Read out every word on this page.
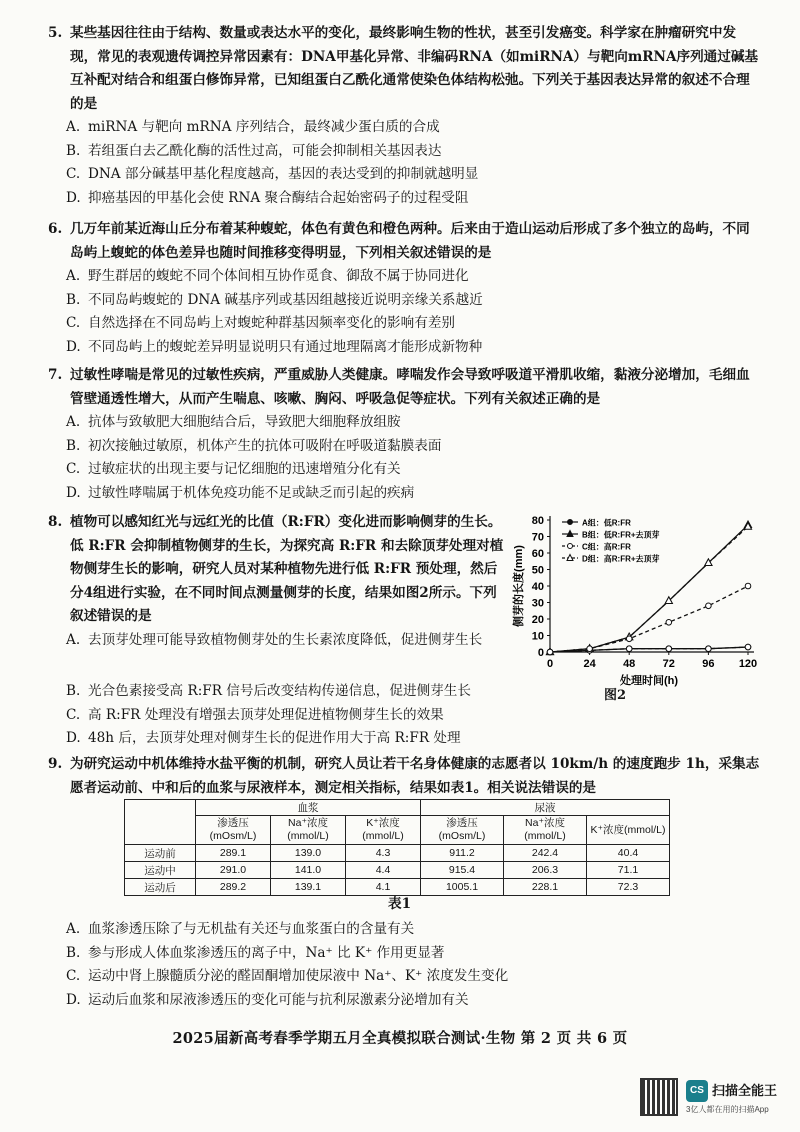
5. 某些基因往往由于结构、数量或表达水平的变化，最终影响生物的性状，甚至引发癌变。科学家在肿瘤研究中发现，常见的表观遗传调控异常因素有：DNA甲基化异常、非编码RNA（如miRNA）与靶向mRNA序列通过碱基互补配对结合和组蛋白修饰异常，已知组蛋白乙酰化通常使染色体结构松弛。下列关于基因表达异常的叙述不合理的是
A. miRNA 与靶向 mRNA 序列结合，最终减少蛋白质的合成
B. 若组蛋白去乙酰化酶的活性过高，可能会抑制相关基因表达
C. DNA 部分碱基甲基化程度越高，基因的表达受到的抑制就越明显
D. 抑癌基因的甲基化会使 RNA 聚合酶结合起始密码子的过程受阻
6. 几万年前某近海山丘分布着某种蝮蛇，体色有黄色和橙色两种。后来由于造山运动后形成了多个独立的岛屿，不同岛屿上蝮蛇的体色差异也随时间推移变得明显，下列相关叙述错误的是
A. 野生群居的蝮蛇不同个体间相互协作觅食、御敌不属于协同进化
B. 不同岛屿蝮蛇的 DNA 碱基序列或基因组越接近说明亲缘关系越近
C. 自然选择在不同岛屿上对蝮蛇种群基因频率变化的影响有差别
D. 不同岛屿上的蝮蛇差异明显说明只有通过地理隔离才能形成新物种
7. 过敏性哮喘是常见的过敏性疾病，严重威胁人类健康。哮喘发作会导致呼吸道平滑肌收缩，黏液分泌增加，毛细血管壁通透性增大，从而产生喘息、咳嗽、胸闷、呼吸急促等症状。下列有关叙述正确的是
A. 抗体与致敏肥大细胞结合后，导致肥大细胞释放组胺
B. 初次接触过敏原，机体产生的抗体可吸附在呼吸道黏膜表面
C. 过敏症状的出现主要与记忆细胞的迅速增殖分化有关
D. 过敏性哮喘属于机体免疫功能不足或缺乏而引起的疾病
8. 植物可以感知红光与远红光的比值（R:FR）变化进而影响侧芽的生长。低 R:FR 会抑制植物侧芽的生长，为探究高 R:FR 和去除顶芽处理对植物侧芽生长的影响，研究人员对某种植物先进行低 R:FR 预处理，然后分4组进行实验，在不同时间点测量侧芽的长度，结果如图2所示。下列叙述错误的是
A. 去顶芽处理可能导致植物侧芽处的生长素浓度降低，促进侧芽生长
B. 光合色素接受高 R:FR 信号后改变结构传递信息，促进侧芽生长
C. 高 R:FR 处理没有增强去顶芽处理促进植物侧芽生长的效果
D. 48h 后，去顶芽处理对侧芽生长的促进作用大于高 R:FR 处理
0
10
20
30
40
50
60
70
80
0	24 48 72 96 120
处理时间(h)
侧芽的长度(mm)
A组：低R:FR
B组：低R:FR+去顶芽
C组：高R:FR
D组：高R:FR+去顶芽
图2
9. 为研究运动中机体维持水盐平衡的机制，研究人员让若干名身体健康的志愿者以 10km/h 的速度跑步 1h，采集志愿者运动前、中和后的血浆与尿液样本，测定相关指标，结果如表1。相关说法错误的是
	血浆			尿液		
	渗透压(mOsm/L)	Na⁺浓度(mmol/L)	K⁺浓度(mmol/L)	渗透压(mOsm/L)	Na⁺浓度(mmol/L)	K⁺浓度(mmol/L)
运动前	289.1	139.0	4.3	911.2	242.4	40.4
运动中	291.0	141.0	4.4	915.4	206.3	71.1
运动后	289.2	139.1	4.1	1005.1	228.1	72.3
表1
A. 血浆渗透压除了与无机盐有关还与血浆蛋白的含量有关
B. 参与形成人体血浆渗透压的离子中，Na⁺ 比 K⁺ 作用更显著
C. 运动中肾上腺髓质分泌的醛固酮增加使尿液中 Na⁺、K⁺ 浓度发生变化
D. 运动后血浆和尿液渗透压的变化可能与抗利尿激素分泌增加有关
2025届新高考春季学期五月全真模拟联合测试·生物 第 2 页 共 6 页
CS 扫描全能王
3亿人都在用的扫描App
